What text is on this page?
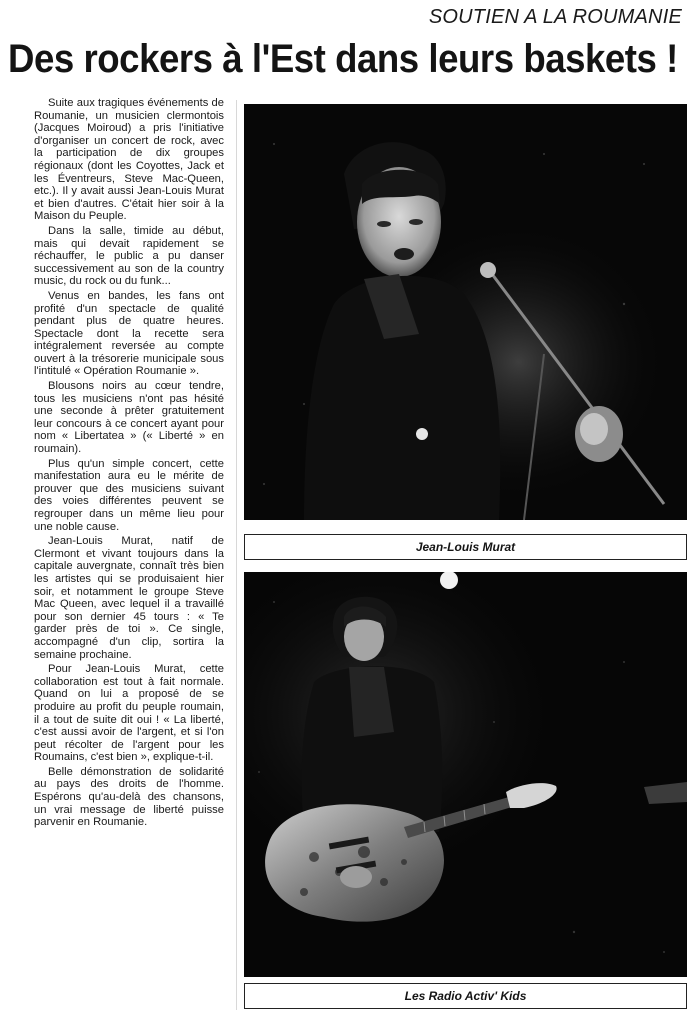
SOUTIEN A LA ROUMANIE
Des rockers à l'Est dans leurs baskets !

Suite aux tragiques événements de Roumanie, un musicien clermontois (Jacques Moiroud) a pris l'initiative d'organiser un concert de rock, avec la participation de dix groupes régionaux (dont les Coyottes, Jack et les Éventreurs, Steve Mac-Queen, etc.). Il y avait aussi Jean-Louis Murat et bien d'autres. C'était hier soir à la Maison du Peuple.

Dans la salle, timide au début, mais qui devait rapidement se réchauffer, le public a pu danser successivement au son de la country music, du rock ou du funk...

Venus en bandes, les fans ont profité d'un spectacle de qualité pendant plus de quatre heures. Spectacle dont la recette sera intégralement reversée au compte ouvert à la trésorerie municipale sous l'intitulé « Opération Roumanie ».

Blousons noirs au cœur tendre, tous les musiciens n'ont pas hésité une seconde à prêter gratuitement leur concours à ce concert ayant pour nom « Libertatea » (« Liberté » en roumain).

Plus qu'un simple concert, cette manifestation aura eu le mérite de prouver que des musiciens suivant des voies différentes peuvent se regrouper dans un même lieu pour une noble cause.

Jean-Louis Murat, natif de Clermont et vivant toujours dans la capitale auvergnate, connaît très bien les artistes qui se produisaient hier soir, et notamment le groupe Steve Mac Queen, avec lequel il a travaillé pour son dernier 45 tours : « Te garder près de toi ». Ce single, accompagné d'un clip, sortira la semaine prochaine.

Pour Jean-Louis Murat, cette collaboration est tout à fait normale. Quand on lui a proposé de se produire au profit du peuple roumain, il a tout de suite dit oui ! « La liberté, c'est aussi avoir de l'argent, et si l'on peut récolter de l'argent pour les Roumains, c'est bien », explique-t-il.

Belle démonstration de solidarité au pays des droits de l'homme. Espérons qu'au-delà des chansons, un vrai message de liberté puisse parvenir en Roumanie.

Jean-Louis Murat
Les Radio Activ' Kids
